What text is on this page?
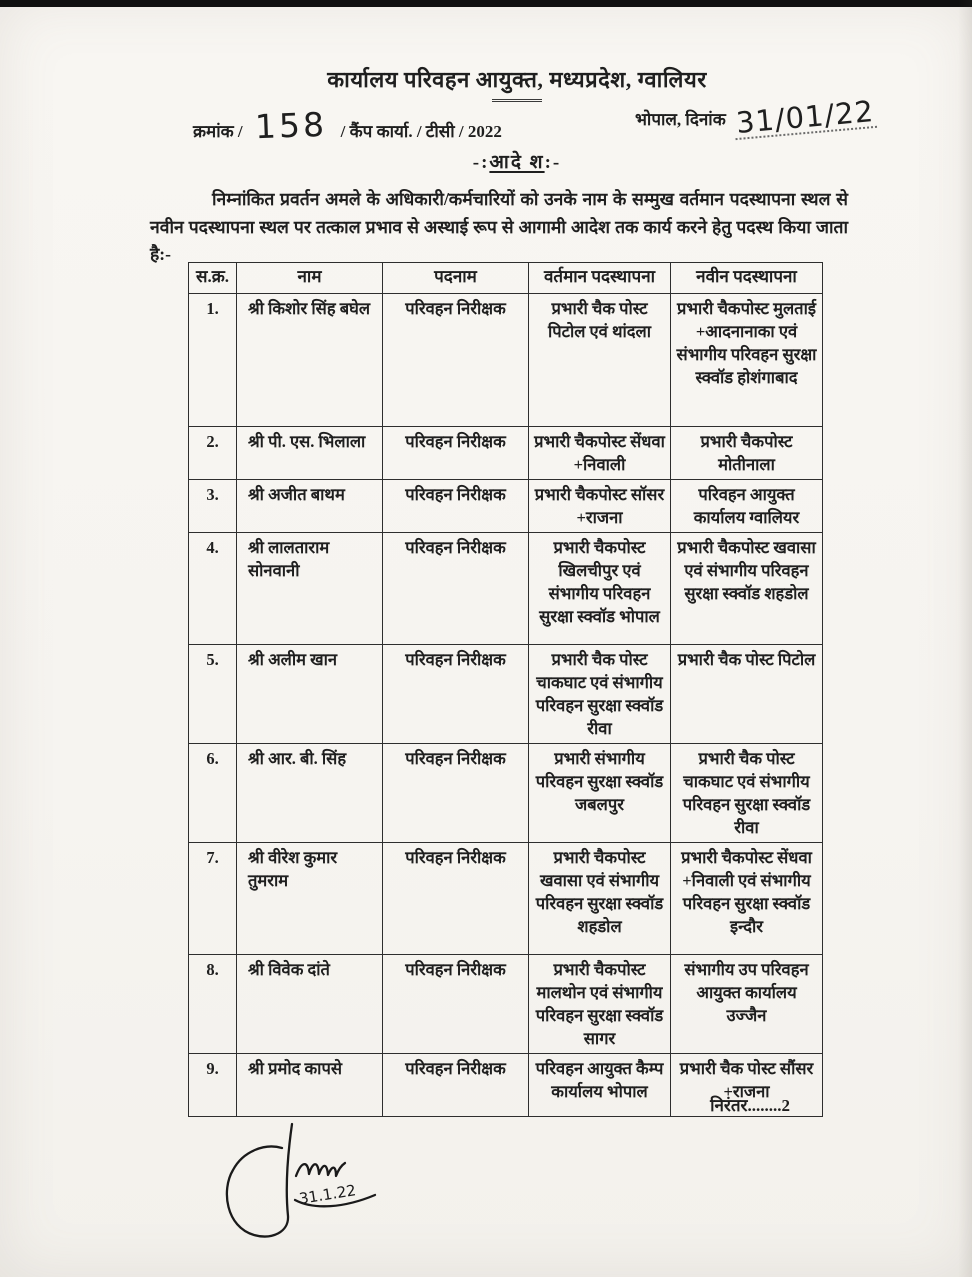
कार्यालय परिवहन आयुक्त, मध्यप्रदेश, ग्वालियर
क्रमांक / 158 / कैंप कार्या. / टीसी / 2022
भोपाल, दिनांक 31/01/22
-:आदे श:-
निम्नांकित प्रवर्तन अमले के अधिकारी/कर्मचारियों को उनके नाम के सम्मुख वर्तमान पदस्थापना स्थल से नवीन पदस्थापना स्थल पर तत्काल प्रभाव से अस्थाई रूप से आगामी आदेश तक कार्य करने हेतु पदस्थ किया जाता है:-
स.क्र.	नाम	पदनाम	वर्तमान पदस्थापना	नवीन पदस्थापना
1.	श्री किशोर सिंह बघेल	परिवहन निरीक्षक	प्रभारी चैक पोस्ट पिटोल एवं थांदला	प्रभारी चैकपोस्ट मुलताई +आदनानाका एवं संभागीय परिवहन सुरक्षा स्क्वॉड होशंगाबाद
2.	श्री पी. एस. भिलाला	परिवहन निरीक्षक	प्रभारी चैकपोस्ट सेंधवा +निवाली	प्रभारी चैकपोस्ट मोतीनाला
3.	श्री अजीत बाथम	परिवहन निरीक्षक	प्रभारी चैकपोस्ट सॉसर +राजना	परिवहन आयुक्त कार्यालय ग्वालियर
4.	श्री लालताराम सोनवानी	परिवहन निरीक्षक	प्रभारी चैकपोस्ट खिलचीपुर एवं संभागीय परिवहन सुरक्षा स्क्वॉड भोपाल	प्रभारी चैकपोस्ट खवासा एवं संभागीय परिवहन सुरक्षा स्क्वॉड शहडोल
5.	श्री अलीम खान	परिवहन निरीक्षक	प्रभारी चैक पोस्ट चाकघाट एवं संभागीय परिवहन सुरक्षा स्क्वॉड रीवा	प्रभारी चैक पोस्ट पिटोल
6.	श्री आर. बी. सिंह	परिवहन निरीक्षक	प्रभारी संभागीय परिवहन सुरक्षा स्क्वॉड जबलपुर	प्रभारी चैक पोस्ट चाकघाट एवं संभागीय परिवहन सुरक्षा स्क्वॉड रीवा
7.	श्री वीरेश कुमार तुमराम	परिवहन निरीक्षक	प्रभारी चैकपोस्ट खवासा एवं संभागीय परिवहन सुरक्षा स्क्वॉड शहडोल	प्रभारी चैकपोस्ट सेंधवा +निवाली एवं संभागीय परिवहन सुरक्षा स्क्वॉड इन्दौर
8.	श्री विवेक दांते	परिवहन निरीक्षक	प्रभारी चैकपोस्ट मालथोन एवं संभागीय परिवहन सुरक्षा स्क्वॉड सागर	संभागीय उप परिवहन आयुक्त कार्यालय उज्जैन
9.	श्री प्रमोद कापसे	परिवहन निरीक्षक	परिवहन आयुक्त कैम्प कार्यालय भोपाल	प्रभारी चैक पोस्ट सौंसर +राजना
निरंतर........2
31.1.22
